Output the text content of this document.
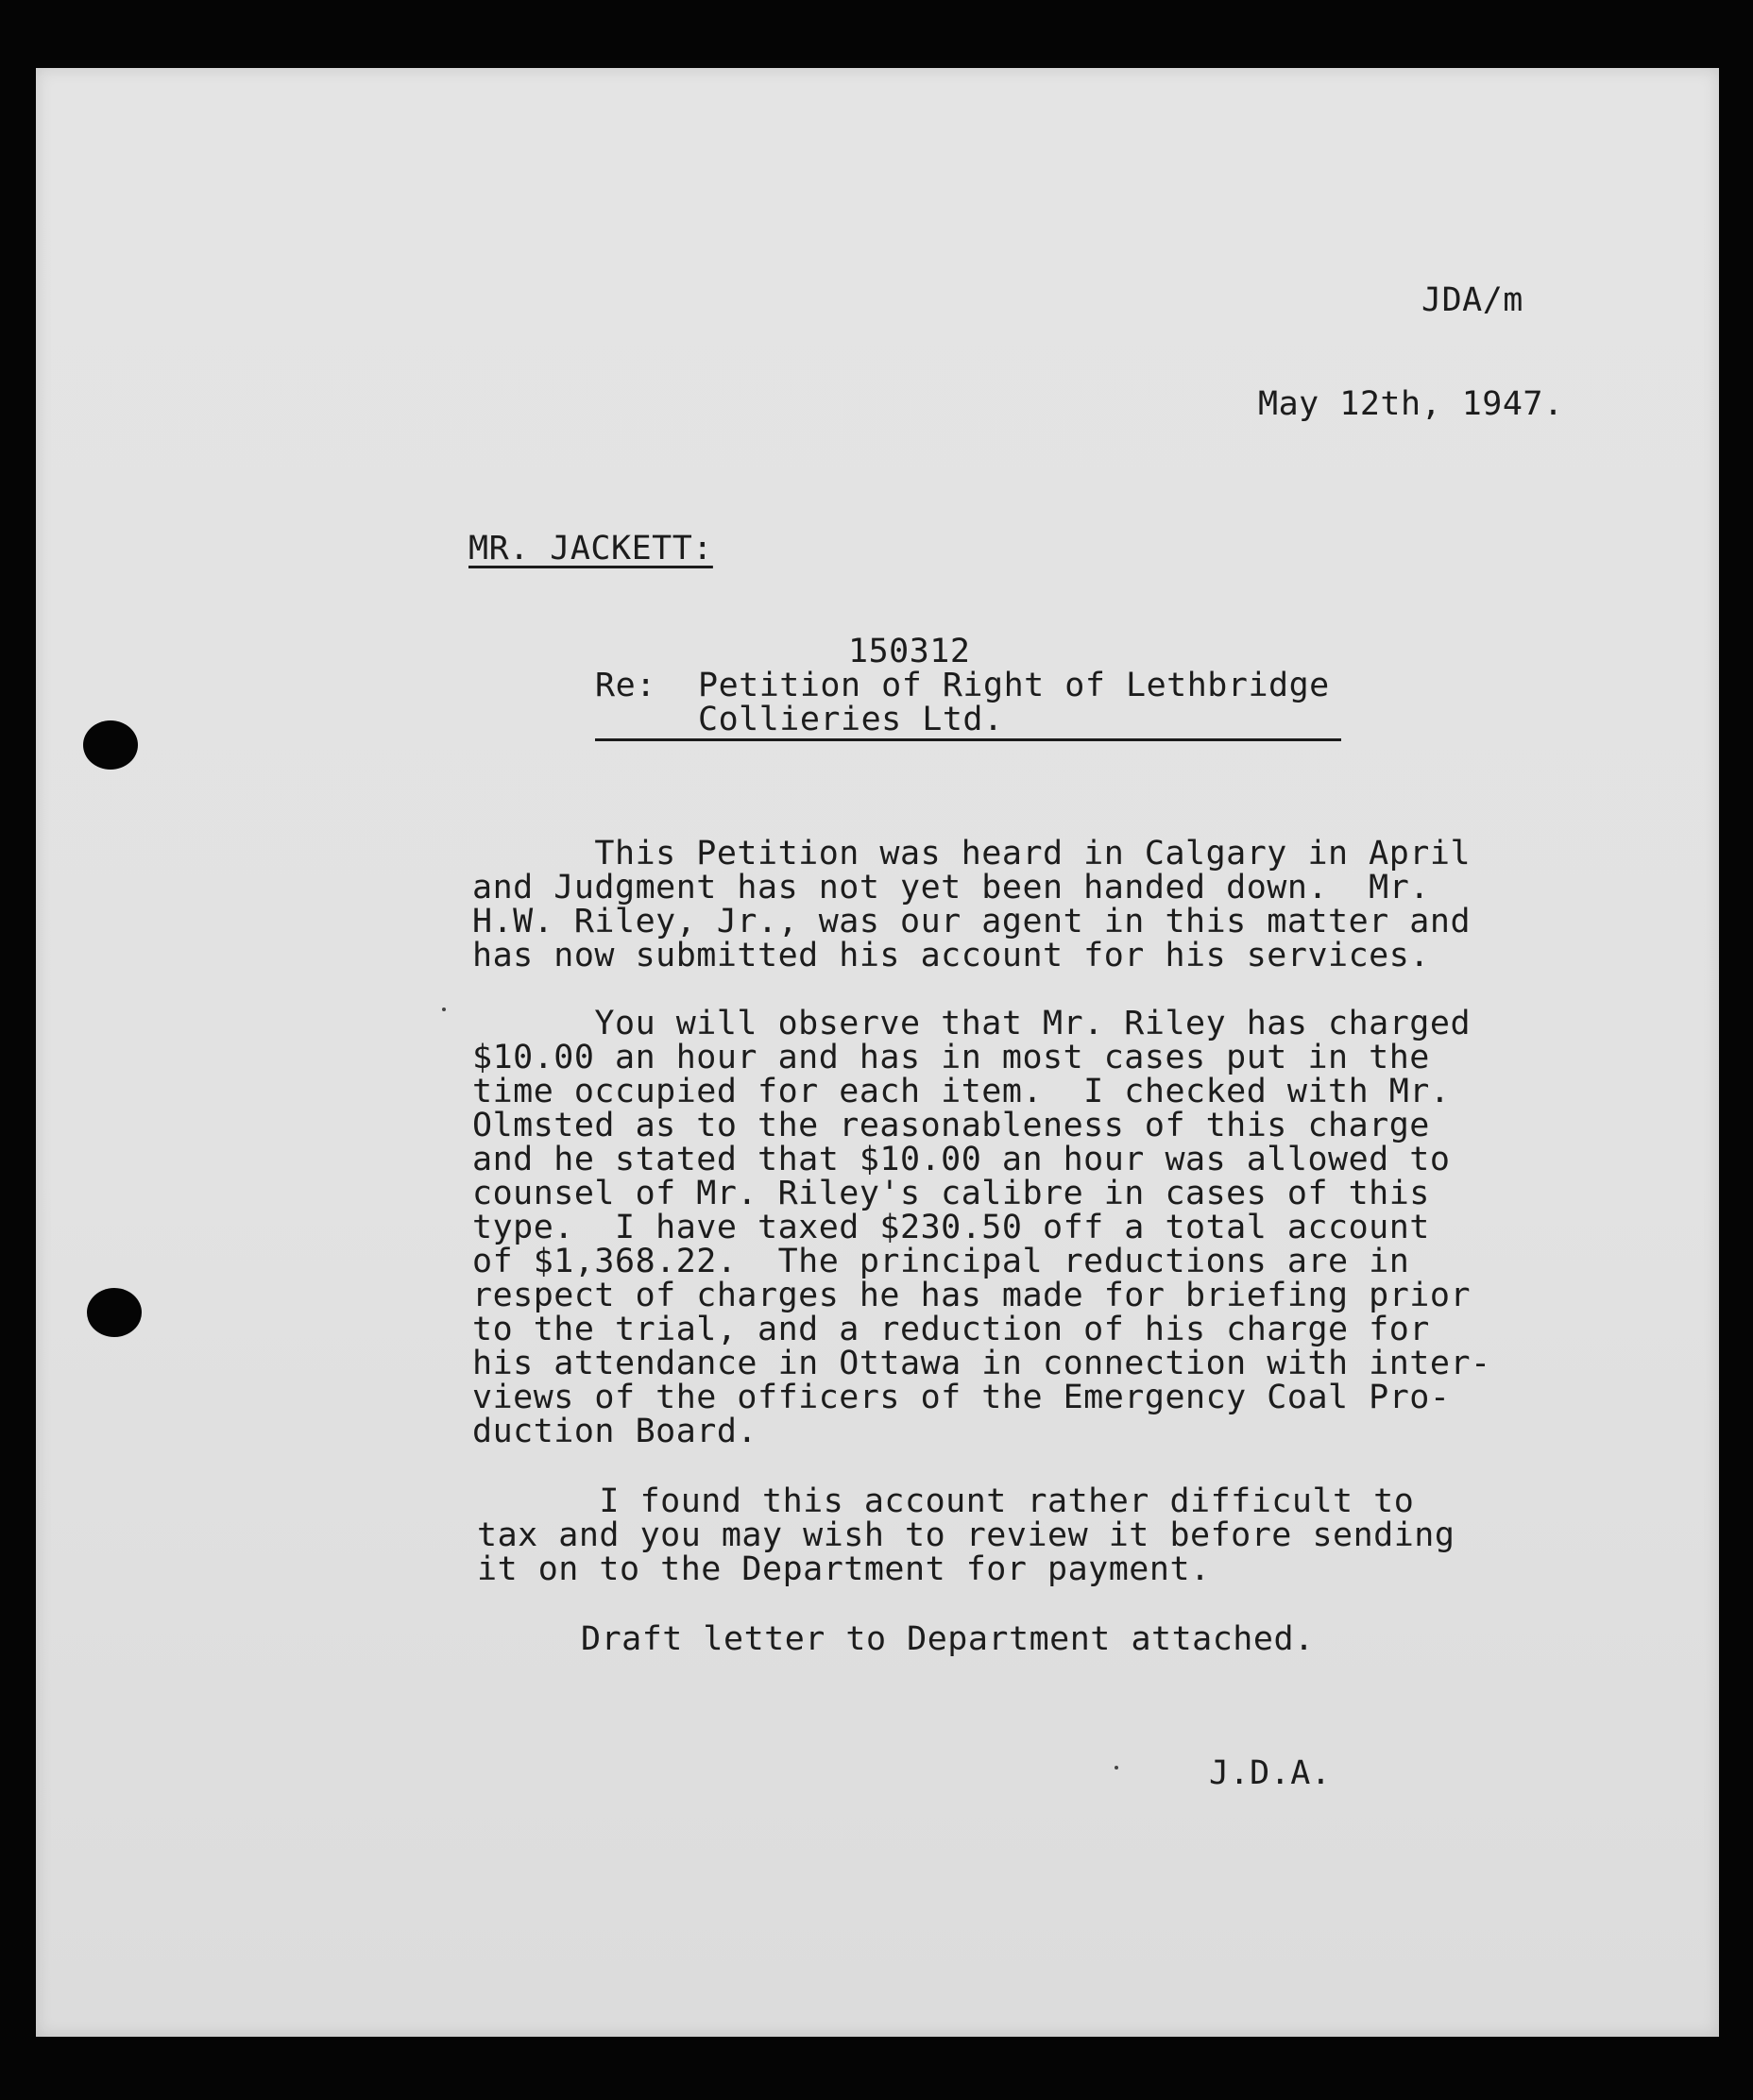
JDA/m
May 12th, 1947.
MR. JACKETT:
150312
Re: Petition of Right of Lethbridge
Collieries Ltd.
This Petition was heard in Calgary in April
and Judgment has not yet been handed down.  Mr.
H.W. Riley, Jr., was our agent in this matter and
has now submitted his account for his services.
You will observe that Mr. Riley has charged
$10.00 an hour and has in most cases put in the
time occupied for each item.  I checked with Mr.
Olmsted as to the reasonableness of this charge
and he stated that $10.00 an hour was allowed to
counsel of Mr. Riley's calibre in cases of this
type.  I have taxed $230.50 off a total account
of $1,368.22.  The principal reductions are in
respect of charges he has made for briefing prior
to the trial, and a reduction of his charge for
his attendance in Ottawa in connection with inter-
views of the officers of the Emergency Coal Pro-
duction Board.
I found this account rather difficult to
tax and you may wish to review it before sending
it on to the Department for payment.
Draft letter to Department attached.
J.D.A.
